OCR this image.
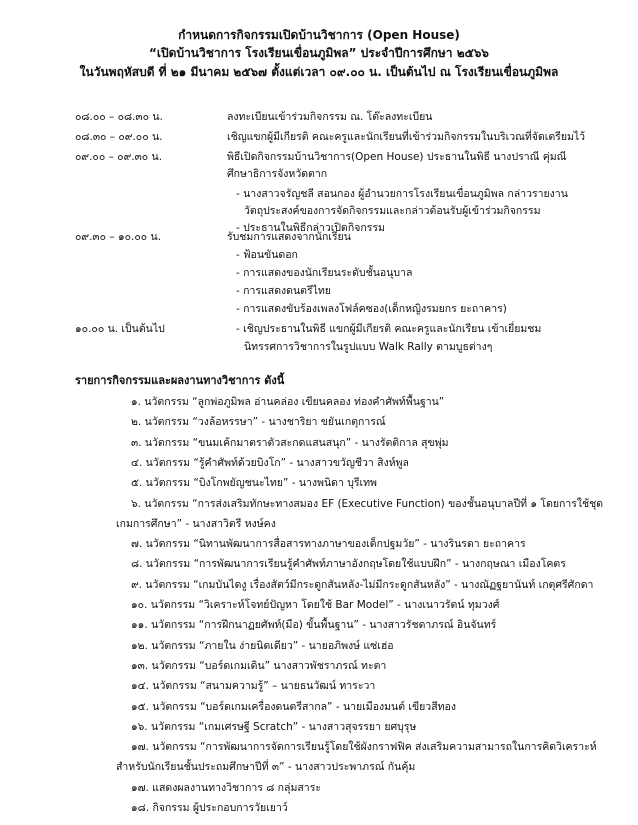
กำหนดการกิจกรรมเปิดบ้านวิชาการ (Open House)
“เปิดบ้านวิชาการ โรงเรียนเขื่อนภูมิพล” ประจำปีการศึกษา ๒๕๖๖
ในวันพฤหัสบดี ที่ ๒๑ มีนาคม ๒๕๖๗ ตั้งแต่เวลา ๐๙.๐๐ น. เป็นต้นไป ณ โรงเรียนเขื่อนภูมิพล
๐๘.๐๐ – ๐๘.๓๐ น.	ลงทะเบียนเข้าร่วมกิจกรรม ณ. โต๊ะลงทะเบียน
๐๘.๓๐ – ๐๙.๐๐ น.	เชิญแขกผู้มีเกียรติ คณะครูและนักเรียนที่เข้าร่วมกิจกรรมในบริเวณที่จัดเตรียมไว้
๐๙.๐๐ – ๐๙.๓๐ น.	พิธีเปิดกิจกรรมบ้านวิชาการ(Open House) ประธานในพิธี นางปราณี คุ่มณี
ศึกษาธิการจังหวัดตาก
- นางสาวจรัญชลี สอนกอง ผู้อำนวยการโรงเรียนเขื่อนภูมิพล กล่าวรายงาน
วัตถุประสงค์ของการจัดกิจกรรมและกล่าวต้อนรับผู้เข้าร่วมกิจกรรม
- ประธานในพิธีกล่าวเปิดกิจกรรม
๐๙.๓๐ – ๑๐.๐๐ น.	รับชมการแสดงจากนักเรียน
- ฟ้อนขันดอก
- การแสดงของนักเรียนระดับชั้นอนุบาล
- การแสดงดนตรีไทย
- การแสดงขับร้องเพลงโฟล์คซอง(เด็กหญิงรมยกร ยะถาคาร)
๑๐.๐๐ น. เป็นต้นไป	- เชิญประธานในพิธี แขกผู้มีเกียรติ คณะครูและนักเรียน เข้าเยี่ยมชม
นิทรรศการวิชาการในรูปแบบ Walk Rally ตามบูธต่างๆ
รายการกิจกรรมและผลงานทางวิชาการ ดังนี้
๑. นวัตกรรม “ลูกพ่อภูมิพล อ่านคล่อง เขียนคลอง ท่องคำศัพท์พื้นฐาน”
๒. นวัตกรรม “วงล้อหรรษา” - นางชาริยา ขยันเกตุการณ์
๓. นวัตกรรม “ขนมเค้กมาตราตัวสะกดแสนสนุก” - นางรัตติกาล สุขพุ่ม
๔. นวัตกรรม “รู้คำศัพท์ด้วยบิงโก” - นางสาวขวัญชีวา สิงห์พูล
๕. นวัตกรรม “บิงโกพยัญชนะไทย” - นางพนิดา บุรีเทพ
๖. นวัตกรรม “การส่งเสริมทักษะทางสมอง EF (Executive Function) ของชั้นอนุบาลปีที่ ๑ โดยการใช้ชุด
เกมการศึกษา” - นางสาวิตรี หงษ์คง
๗. นวัตกรรม “นิทานพัฒนาการสื่อสารทางภาษาของเด็กปฐมวัย” - นางรินรดา ยะถาคาร
๘. นวัตกรรม “การพัฒนาการเรียนรู้คำศัพท์ภาษาอังกฤษโดยใช้แบบฝึก” - นางกฤษณา เมืองโคตร
๙. นวัตกรรม “เกมบันไดงู เรื่องสัตว์มีกระดูกสันหลัง-ไม่มีกระดูกสันหลัง” - นางณัฏฐยานันท์ เกตุศรีศักดา
๑๐. นวัตกรรม “วิเคราะห์โจทย์ปัญหา โดยใช้ Bar Model” - นางเนาวรัตน์ ทุมวงศ์
๑๑. นวัตกรรม “การฝึกนาฏยศัพท์(มือ) ขั้นพื้นฐาน” - นางสาวรัชดาภรณ์ อินจันทร์
๑๒. นวัตกรรม “ภายใน ง่ายนิดเดียว” - นายอภิพงษ์ แซ่เฮ่อ
๑๓. นวัตกรรม “บอร์ดเกมเดิน” นางสาวพัชราภรณ์ ทะตา
๑๔. นวัตกรรม “สนามความรู้” – นายธนวัฒน์ ทาระวา
๑๕. นวัตกรรม “บอร์ดเกมเครื่องดนตรีสากล” - นายเมืองมนต์ เขียวสีทอง
๑๖. นวัตกรรม “เกมเศรษฐี Scratch” - นางสาวสุจรรยา ยศบุรุษ
๑๗. นวัตกรรม “การพัฒนาการจัดการเรียนรู้โดยใช้ผังกราฟฟิค ส่งเสริมความสามารถในการคิดวิเคราะห์
สำหรับนักเรียนชั้นประถมศึกษาปีที่ ๓” - นางสาวประพาภรณ์ กันคุ้ม
๑๗. แสดงผลงานทางวิชาการ ๘ กลุ่มสาระ
๑๘. กิจกรรม ผู้ประกอบการวัยเยาว์
